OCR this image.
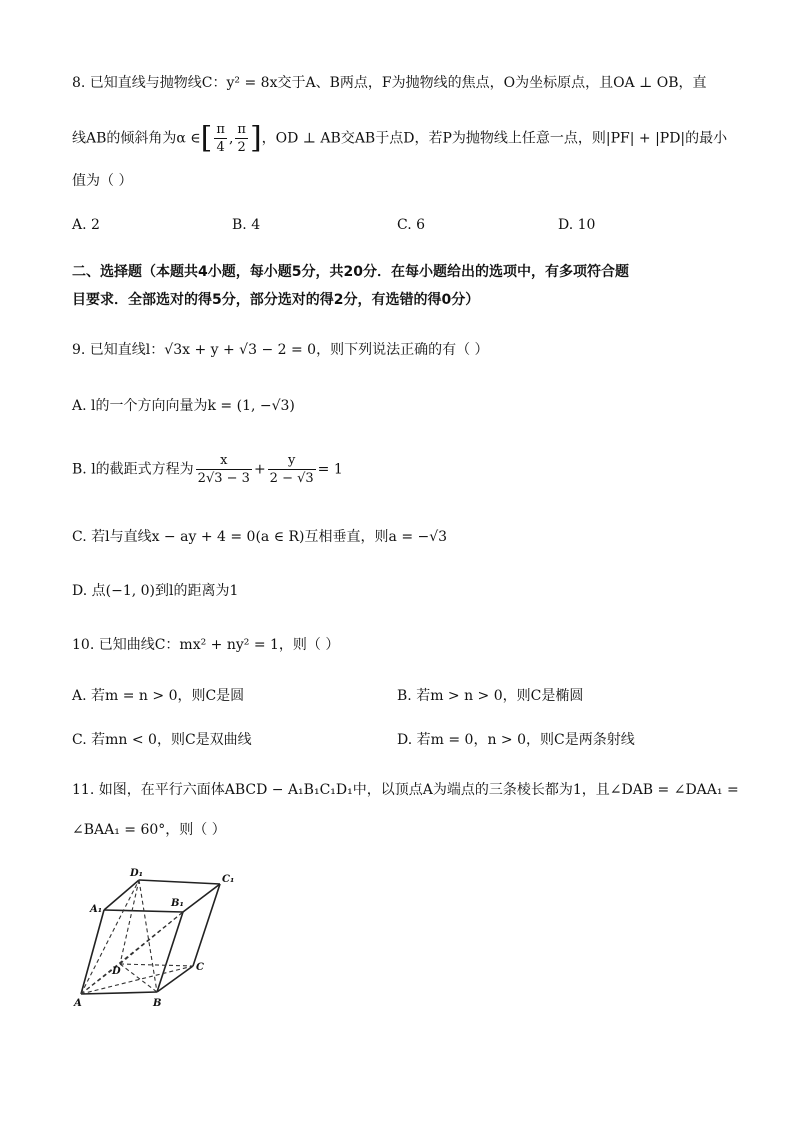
8. 已知直线与抛物线C：y² = 8x交于A、B两点，F为抛物线的焦点，O为坐标原点，且OA ⊥ OB，直
线AB的倾斜角为α ∈[ $\frac{\pi}{4}$ , $\frac{\pi}{2}$ ]，OD ⊥ AB交AB于点D，若P为抛物线上任意一点，则|PF| + |PD|的最小
值为（ ）
A. 2	B. 4	C. 6	D. 10
二、选择题（本题共4小题，每小题5分，共20分．在每小题给出的选项中，有多项符合题
目要求．全部选对的得5分，部分选对的得2分，有选错的得0分）
9. 已知直线l：√3x + y + √3 − 2 = 0，则下列说法正确的有（ ）
A. l的一个方向向量为k = (1, −√3)
B. l的截距式方程为 $\frac{x}{2√3 - 3} + \frac{y}{2 - √3} = 1$
C. 若l与直线x − ay + 4 = 0(a ∈ R)互相垂直，则a = −√3
D. 点(−1, 0)到l的距离为1
10. 已知曲线C：mx² + ny² = 1，则（ ）
A. 若m = n > 0，则C是圆	B. 若m > n > 0，则C是椭圆
C. 若mn < 0，则C是双曲线	D. 若m = 0，n > 0，则C是两条射线
11. 如图，在平行六面体ABCD − A₁B₁C₁D₁中，以顶点A为端点的三条棱长都为1，且∠DAB = ∠DAA₁ =
∠BAA₁ = 60°，则（ ）
D₁
C₁
A₁
B₁
D	C
A	B
